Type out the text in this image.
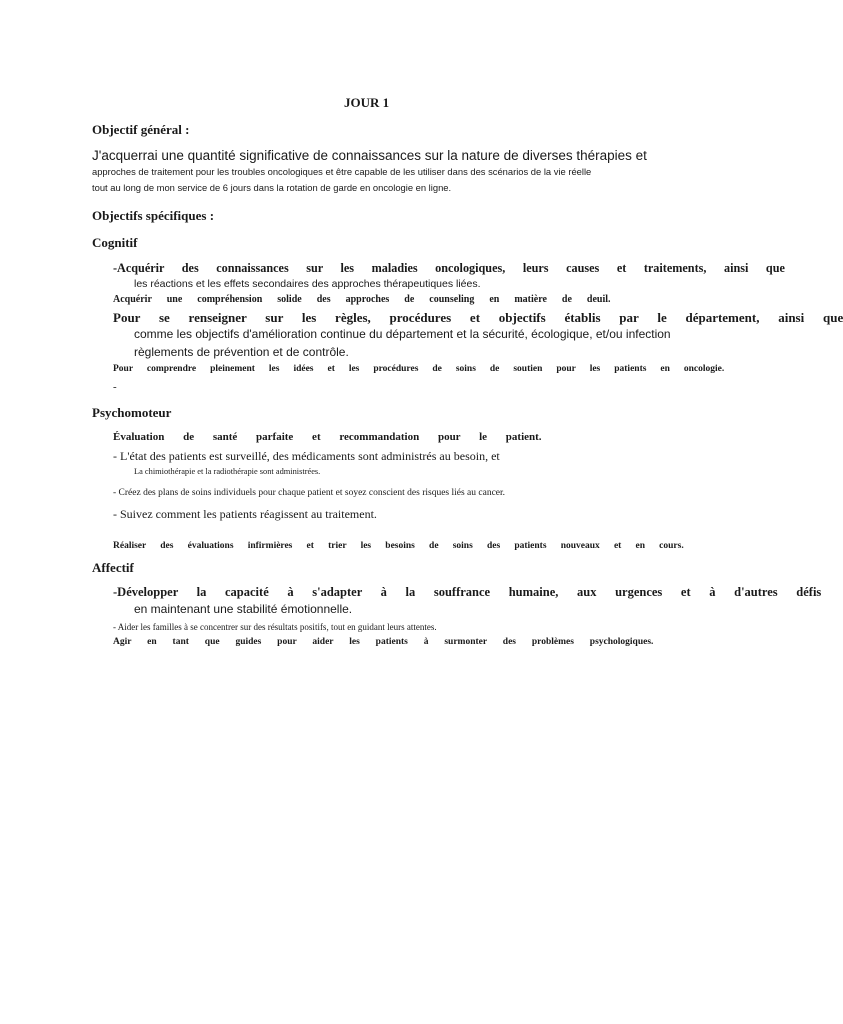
JOUR 1
Objectif général :
J'acquerrai une quantité significative de connaissances sur la nature de diverses thérapies et
approches de traitement pour les troubles oncologiques et être capable de les utiliser dans des scénarios de la vie réelle
tout au long de mon service de 6 jours dans la rotation de garde en oncologie en ligne.
Objectifs spécifiques :
Cognitif
-Acquérir des connaissances sur les maladies oncologiques, leurs causes et traitements, ainsi que
les réactions et les effets secondaires des approches thérapeutiques liées.
Acquérir une compréhension solide des approches de counseling en matière de deuil.
Pour se renseigner sur les règles, procédures et objectifs établis par le département, ainsi que
comme les objectifs d'amélioration continue du département et la sécurité, écologique, et/ou infection
règlements de prévention et de contrôle.
Pour comprendre pleinement les idées et les procédures de soins de soutien pour les patients en oncologie.
-
Psychomoteur
Évaluation de santé parfaite et recommandation pour le patient.
- L'état des patients est surveillé, des médicaments sont administrés au besoin, et
La chimiothérapie et la radiothérapie sont administrées.
- Créez des plans de soins individuels pour chaque patient et soyez conscient des risques liés au cancer.
- Suivez comment les patients réagissent au traitement.
Réaliser des évaluations infirmières et trier les besoins de soins des patients nouveaux et en cours.
Affectif
-Développer la capacité à s'adapter à la souffrance humaine, aux urgences et à d'autres défis
en maintenant une stabilité émotionnelle.
- Aider les familles à se concentrer sur des résultats positifs, tout en guidant leurs attentes.
Agir en tant que guides pour aider les patients à surmonter des problèmes psychologiques.
